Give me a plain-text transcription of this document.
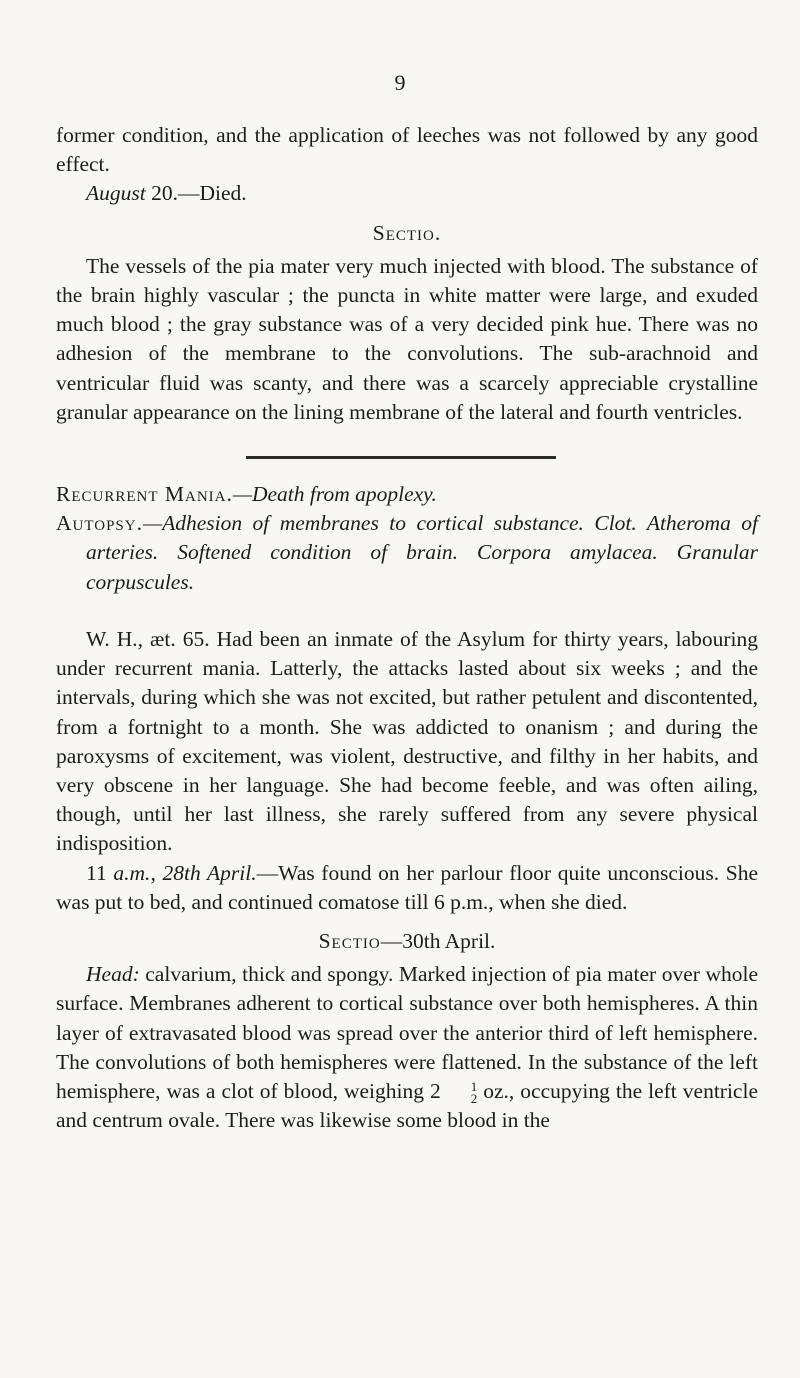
9

former condition, and the application of leeches was not followed by any good effect.

August 20.—Died.

Sectio.

The vessels of the pia mater very much injected with blood. The substance of the brain highly vascular ; the puncta in white matter were large, and exuded much blood ; the gray substance was of a very decided pink hue. There was no adhesion of the membrane to the convolutions. The sub-arachnoid and ventricular fluid was scanty, and there was a scarcely appreciable crystalline granular appearance on the lining membrane of the lateral and fourth ventricles.

Recurrent Mania.—Death from apoplexy.

Autopsy.—Adhesion of membranes to cortical substance. Clot. Atheroma of arteries. Softened condition of brain. Corpora amylacea. Granular corpuscules.

W. H., æt. 65. Had been an inmate of the Asylum for thirty years, labouring under recurrent mania. Latterly, the attacks lasted about six weeks ; and the intervals, during which she was not excited, but rather petulent and discontented, from a fortnight to a month. She was addicted to onanism ; and during the paroxysms of excitement, was violent, destructive, and filthy in her habits, and very obscene in her language. She had become feeble, and was often ailing, though, until her last illness, she rarely suffered from any severe physical indisposition.

11 a.m., 28th April.—Was found on her parlour floor quite unconscious. She was put to bed, and continued comatose till 6 p.m., when she died.

Sectio—30th April.

Head: calvarium, thick and spongy. Marked injection of pia mater over whole surface. Membranes adherent to cortical substance over both hemispheres. A thin layer of extravasated blood was spread over the anterior third of left hemisphere. The convolutions of both hemispheres were flattened. In the substance of the left hemisphere, was a clot of blood, weighing 2	1
2 oz., occupying the left ventricle and centrum ovale. There was likewise some blood in the
